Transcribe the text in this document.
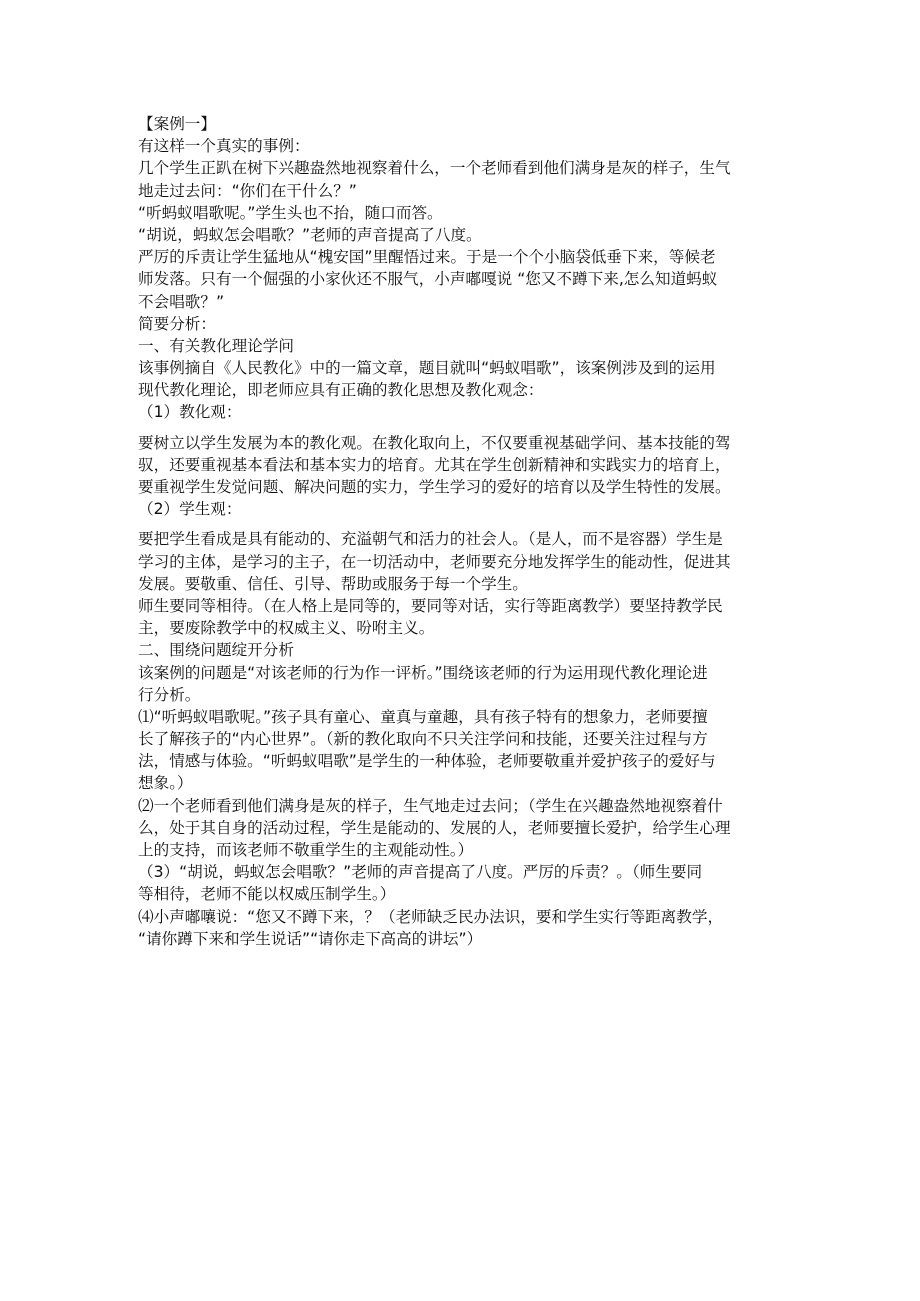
【案例一】
有这样一个真实的事例：
几个学生正趴在树下兴趣盎然地视察着什么，一个老师看到他们满身是灰的样子，生气
地走过去问：“你们在干什么？”
“听蚂蚁唱歌呢。”学生头也不抬，随口而答。
“胡说，蚂蚁怎会唱歌？”老师的声音提高了八度。
严厉的斥责让学生猛地从“槐安国”里醒悟过来。于是一个个小脑袋低垂下来，等候老
师发落。只有一个倔强的小家伙还不服气，小声嘟嘎说 “您又不蹲下来,怎么知道蚂蚁
不会唱歌？”
简要分析：
一、有关教化理论学问
该事例摘自《人民教化》中的一篇文章，题目就叫“蚂蚁唱歌”，该案例涉及到的运用
现代教化理论，即老师应具有正确的教化思想及教化观念：
（1）教化观：
要树立以学生发展为本的教化观。在教化取向上，不仅要重视基础学问、基本技能的驾
驭，还要重视基本看法和基本实力的培育。尤其在学生创新精神和实践实力的培育上，
要重视学生发觉问题、解决问题的实力，学生学习的爱好的培育以及学生特性的发展。
（2）学生观：
要把学生看成是具有能动的、充溢朝气和活力的社会人。（是人，而不是容器）学生是
学习的主体，是学习的主子，在一切活动中，老师要充分地发挥学生的能动性，促进其
发展。要敬重、信任、引导、帮助或服务于每一个学生。
师生要同等相待。（在人格上是同等的，要同等对话，实行等距离教学）要坚持教学民
主，要废除教学中的权威主义、吩咐主义。
二、围绕问题绽开分析
该案例的问题是“对该老师的行为作一评析。”围绕该老师的行为运用现代教化理论进
行分析。
⑴“听蚂蚁唱歌呢。”孩子具有童心、童真与童趣，具有孩子特有的想象力，老师要擅
长了解孩子的“内心世界”。（新的教化取向不只关注学问和技能，还要关注过程与方
法，情感与体验。“听蚂蚁唱歌”是学生的一种体验，老师要敬重并爱护孩子的爱好与
想象。）
⑵一个老师看到他们满身是灰的样子，生气地走过去问；（学生在兴趣盎然地视察着什
么，处于其自身的活动过程，学生是能动的、发展的人，老师要擅长爱护，给学生心理
上的支持，而该老师不敬重学生的主观能动性。）
（3）“胡说，蚂蚁怎会唱歌？”老师的声音提高了八度。严厉的斥责？。（师生要同
等相待，老师不能以权威压制学生。）
⑷小声嘟嚷说：“您又不蹲下来，？（老师缺乏民办法识，要和学生实行等距离教学，
“请你蹲下来和学生说话”“请你走下高高的讲坛”）
